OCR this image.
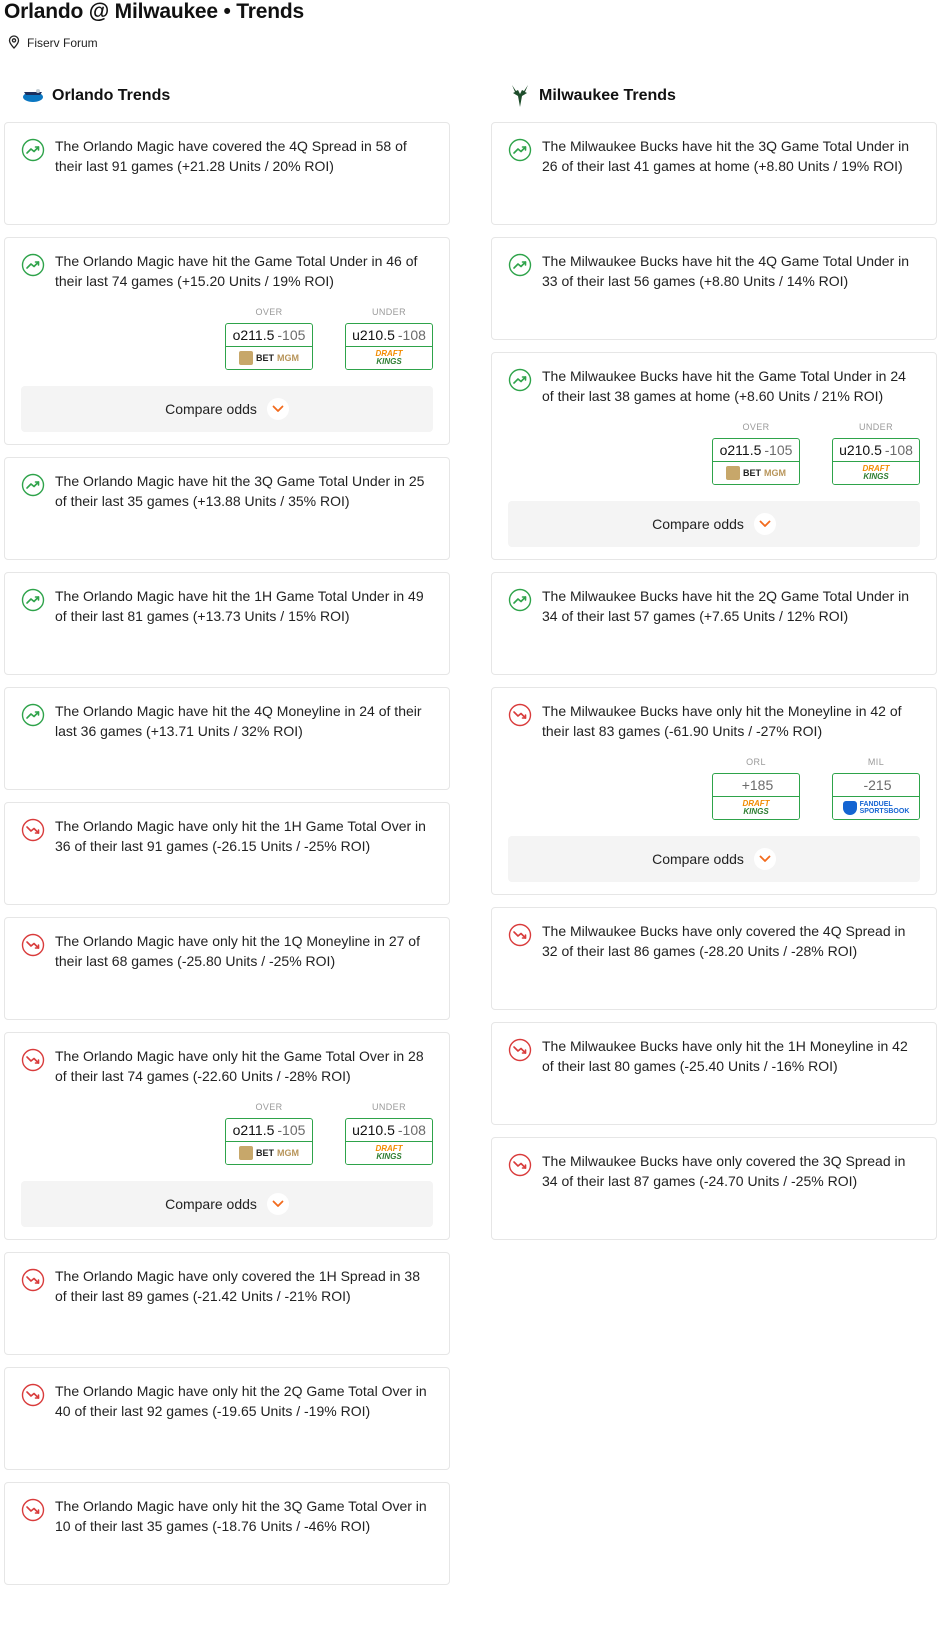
Orlando @ Milwaukee • Trends
Fiserv Forum
Orlando Trends	Milwaukee Trends
The Orlando Magic have covered the 4Q Spread in 58 of their last 91 games (+21.28 Units / 20% ROI)
The Orlando Magic have hit the Game Total Under in 46 of their last 74 games (+15.20 Units / 19% ROI)
OVER
o211.5 -105
BET MGM
UNDER
u210.5 -108
DRAFT
KINGS
Compare odds
The Orlando Magic have hit the 3Q Game Total Under in 25 of their last 35 games (+13.88 Units / 35% ROI)
The Orlando Magic have hit the 1H Game Total Under in 49 of their last 81 games (+13.73 Units / 15% ROI)
The Orlando Magic have hit the 4Q Moneyline in 24 of their last 36 games (+13.71 Units / 32% ROI)
The Orlando Magic have only hit the 1H Game Total Over in 36 of their last 91 games (-26.15 Units / -25% ROI)
The Orlando Magic have only hit the 1Q Moneyline in 27 of their last 68 games (-25.80 Units / -25% ROI)
The Orlando Magic have only hit the Game Total Over in 28 of their last 74 games (-22.60 Units / -28% ROI)
OVER
o211.5 -105
BET MGM
UNDER
u210.5 -108
DRAFT
KINGS
Compare odds
The Orlando Magic have only covered the 1H Spread in 38 of their last 89 games (-21.42 Units / -21% ROI)
The Orlando Magic have only hit the 2Q Game Total Over in 40 of their last 92 games (-19.65 Units / -19% ROI)
The Orlando Magic have only hit the 3Q Game Total Over in 10 of their last 35 games (-18.76 Units / -46% ROI)
The Milwaukee Bucks have hit the 3Q Game Total Under in 26 of their last 41 games at home (+8.80 Units / 19% ROI)
The Milwaukee Bucks have hit the 4Q Game Total Under in 33 of their last 56 games (+8.80 Units / 14% ROI)
The Milwaukee Bucks have hit the Game Total Under in 24 of their last 38 games at home (+8.60 Units / 21% ROI)
OVER
o211.5 -105
BET MGM
UNDER
u210.5 -108
DRAFT
KINGS
Compare odds
The Milwaukee Bucks have hit the 2Q Game Total Under in 34 of their last 57 games (+7.65 Units / 12% ROI)
The Milwaukee Bucks have only hit the Moneyline in 42 of their last 83 games (-61.90 Units / -27% ROI)
ORL
+185
DRAFT
KINGS
MIL
-215
FANDUEL
SPORTSBOOK
Compare odds
The Milwaukee Bucks have only covered the 4Q Spread in 32 of their last 86 games (-28.20 Units / -28% ROI)
The Milwaukee Bucks have only hit the 1H Moneyline in 42 of their last 80 games (-25.40 Units / -16% ROI)
The Milwaukee Bucks have only covered the 3Q Spread in 34 of their last 87 games (-24.70 Units / -25% ROI)
